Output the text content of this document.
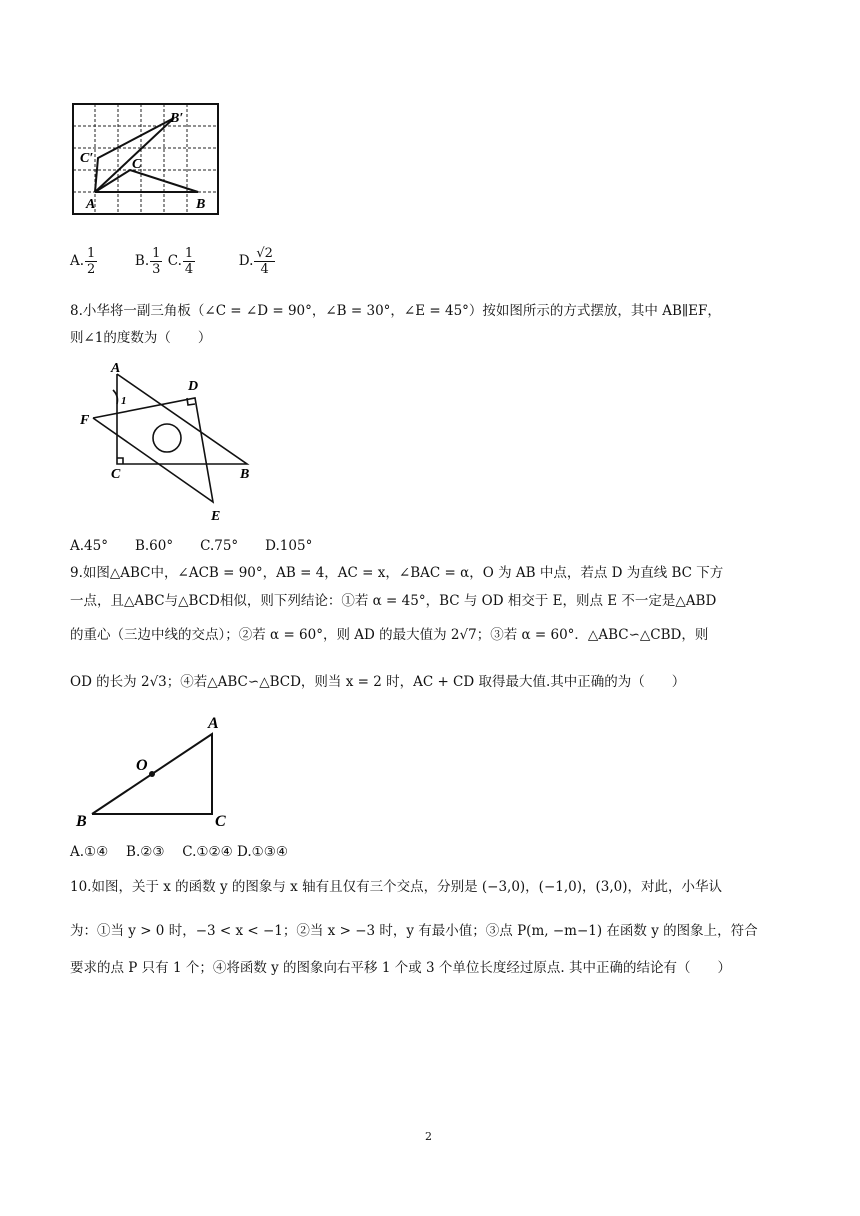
B′
C′	C
A	B
A. $\frac{1}{2}$	B. $\frac{1}{3} C$. $\frac{1}{4}$	D. $\frac{√2}{4}$
8.小华将一副三角板（∠C = ∠D = 90°，∠B = 30°，∠E = 45°）按如图所示的方式摆放，其中 AB∥EF，
则∠1的度数为（　　）
A
D
1
F
C	B
E
A.45°　　B.60°　　C.75°　　D.105°
9.如图△ABC中，∠ACB = 90°，AB = 4，AC = x，∠BAC = α，O 为 AB 中点，若点 D 为直线 BC 下方
一点，且△ABC与△BCD相似，则下列结论：①若 α = 45°，BC 与 OD 相交于 E，则点 E 不一定是△ABD
的重心（三边中线的交点）；②若 α = 60°，则 AD 的最大值为 2√7；③若 α = 60°．△ABC∽△CBD，则
OD 的长为 2√3；④若△ABC∽△BCD，则当 x = 2 时，AC + CD 取得最大值.其中正确的为（　　）
A
O
B	C
A.①④　 B.②③　 C.①②④ D.①③④
10.如图，关于 x 的函数 y 的图象与 x 轴有且仅有三个交点，分别是 (−3,0)，(−1,0)，(3,0)，对此，小华认
为：①当 y > 0 时，−3 < x < −1；②当 x > −3 时，y 有最小值；③点 P(m, −m−1) 在函数 y 的图象上，符合
要求的点 P 只有 1 个；④将函数 y 的图象向右平移 1 个或 3 个单位长度经过原点. 其中正确的结论有（　　）
2
